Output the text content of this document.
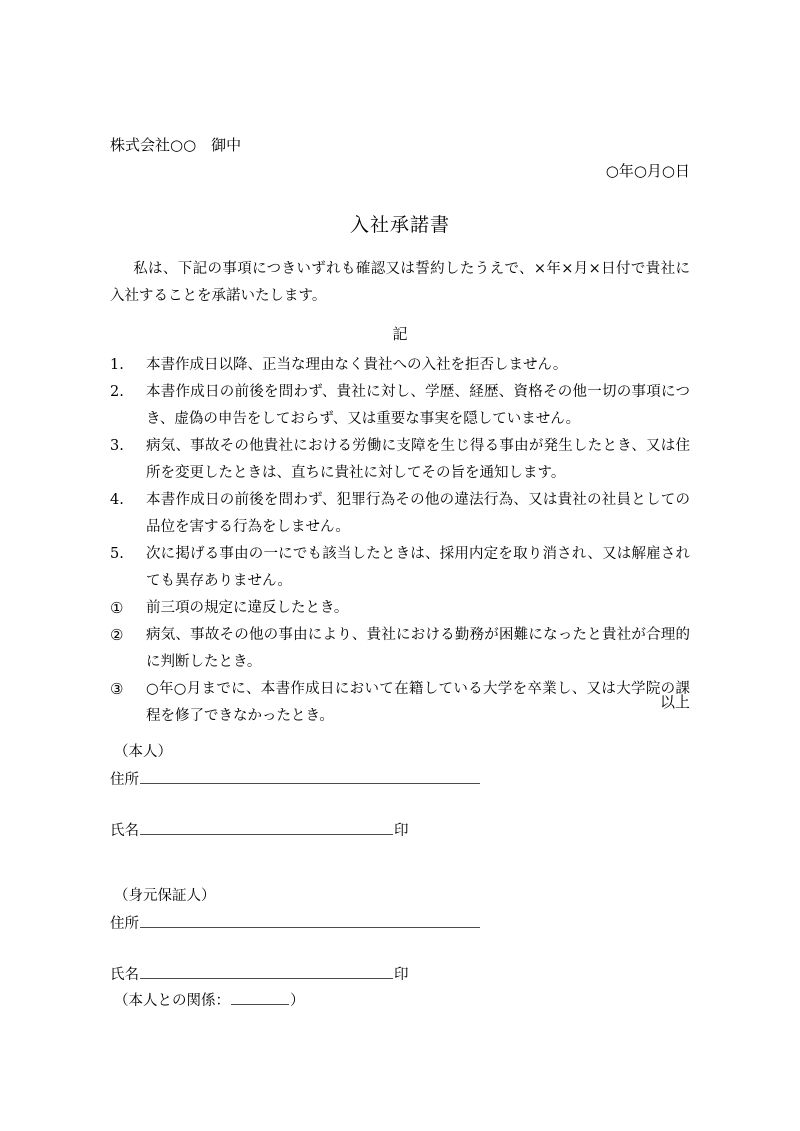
株式会社○○　御中
○年○月○日
入社承諾書
私は、下記の事項につきいずれも確認又は誓約したうえで、×年×月×日付で貴社に入社することを承諾いたします。
記
1.	本書作成日以降、正当な理由なく貴社への入社を拒否しません。
2.	本書作成日の前後を問わず、貴社に対し、学歴、経歴、資格その他一切の事項につき、虚偽の申告をしておらず、又は重要な事実を隠していません。
3.	病気、事故その他貴社における労働に支障を生じ得る事由が発生したとき、又は住所を変更したときは、直ちに貴社に対してその旨を通知します。
4.	本書作成日の前後を問わず、犯罪行為その他の違法行為、又は貴社の社員としての品位を害する行為をしません。
5.	次に掲げる事由の一にでも該当したときは、採用内定を取り消され、又は解雇されても異存ありません。
①	前三項の規定に違反したとき。
②	病気、事故その他の事由により、貴社における勤務が困難になったと貴社が合理的に判断したとき。
③	○年○月までに、本書作成日において在籍している大学を卒業し、又は大学院の課程を修了できなかったとき。
以上
（本人）
住所
氏名	印
（身元保証人）
住所
氏名	印
（本人との関係：	）
